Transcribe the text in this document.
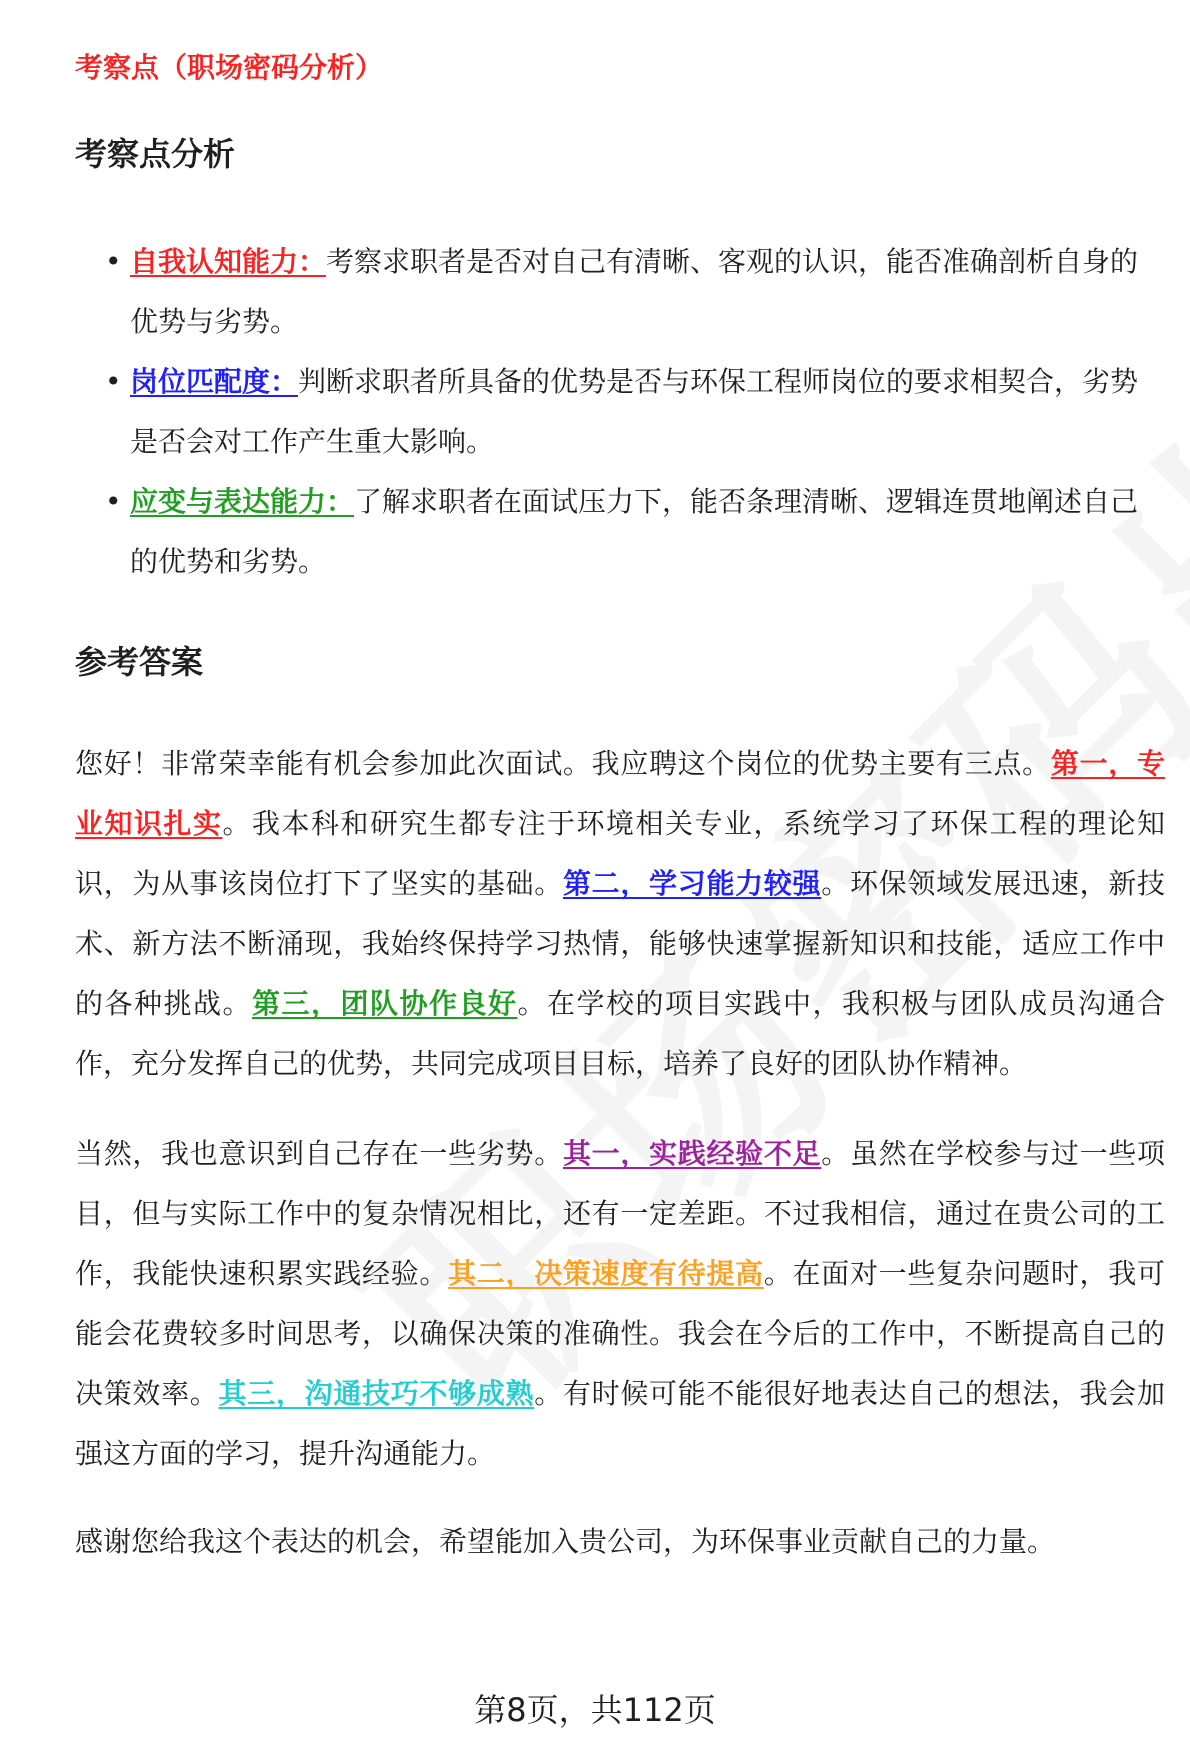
考察点（职场密码分析）

考察点分析
• 自我认知能力：考察求职者是否对自己有清晰、客观的认识，能否准确剖析自身的优势与劣势。
• 岗位匹配度：判断求职者所具备的优势是否与环保工程师岗位的要求相契合，劣势是否会对工作产生重大影响。
• 应变与表达能力：了解求职者在面试压力下，能否条理清晰、逻辑连贯地阐述自己的优势和劣势。
参考答案

您好！非常荣幸能有机会参加此次面试。我应聘这个岗位的优势主要有三点。第一，专业知识扎实。我本科和研究生都专注于环境相关专业，系统学习了环保工程的理论知识，为从事该岗位打下了坚实的基础。第二，学习能力较强。环保领域发展迅速，新技术、新方法不断涌现，我始终保持学习热情，能够快速掌握新知识和技能，适应工作中的各种挑战。第三，团队协作良好。在学校的项目实践中，我积极与团队成员沟通合作，充分发挥自己的优势，共同完成项目目标，培养了良好的团队协作精神。

当然，我也意识到自己存在一些劣势。其一，实践经验不足。虽然在学校参与过一些项目，但与实际工作中的复杂情况相比，还有一定差距。不过我相信，通过在贵公司的工作，我能快速积累实践经验。其二，决策速度有待提高。在面对一些复杂问题时，我可能会花费较多时间思考，以确保决策的准确性。我会在今后的工作中，不断提高自己的决策效率。其三，沟通技巧不够成熟。有时候可能不能很好地表达自己的想法，我会加强这方面的学习，提升沟通能力。

感谢您给我这个表达的机会，希望能加入贵公司，为环保事业贡献自己的力量。

第8页，共112页
